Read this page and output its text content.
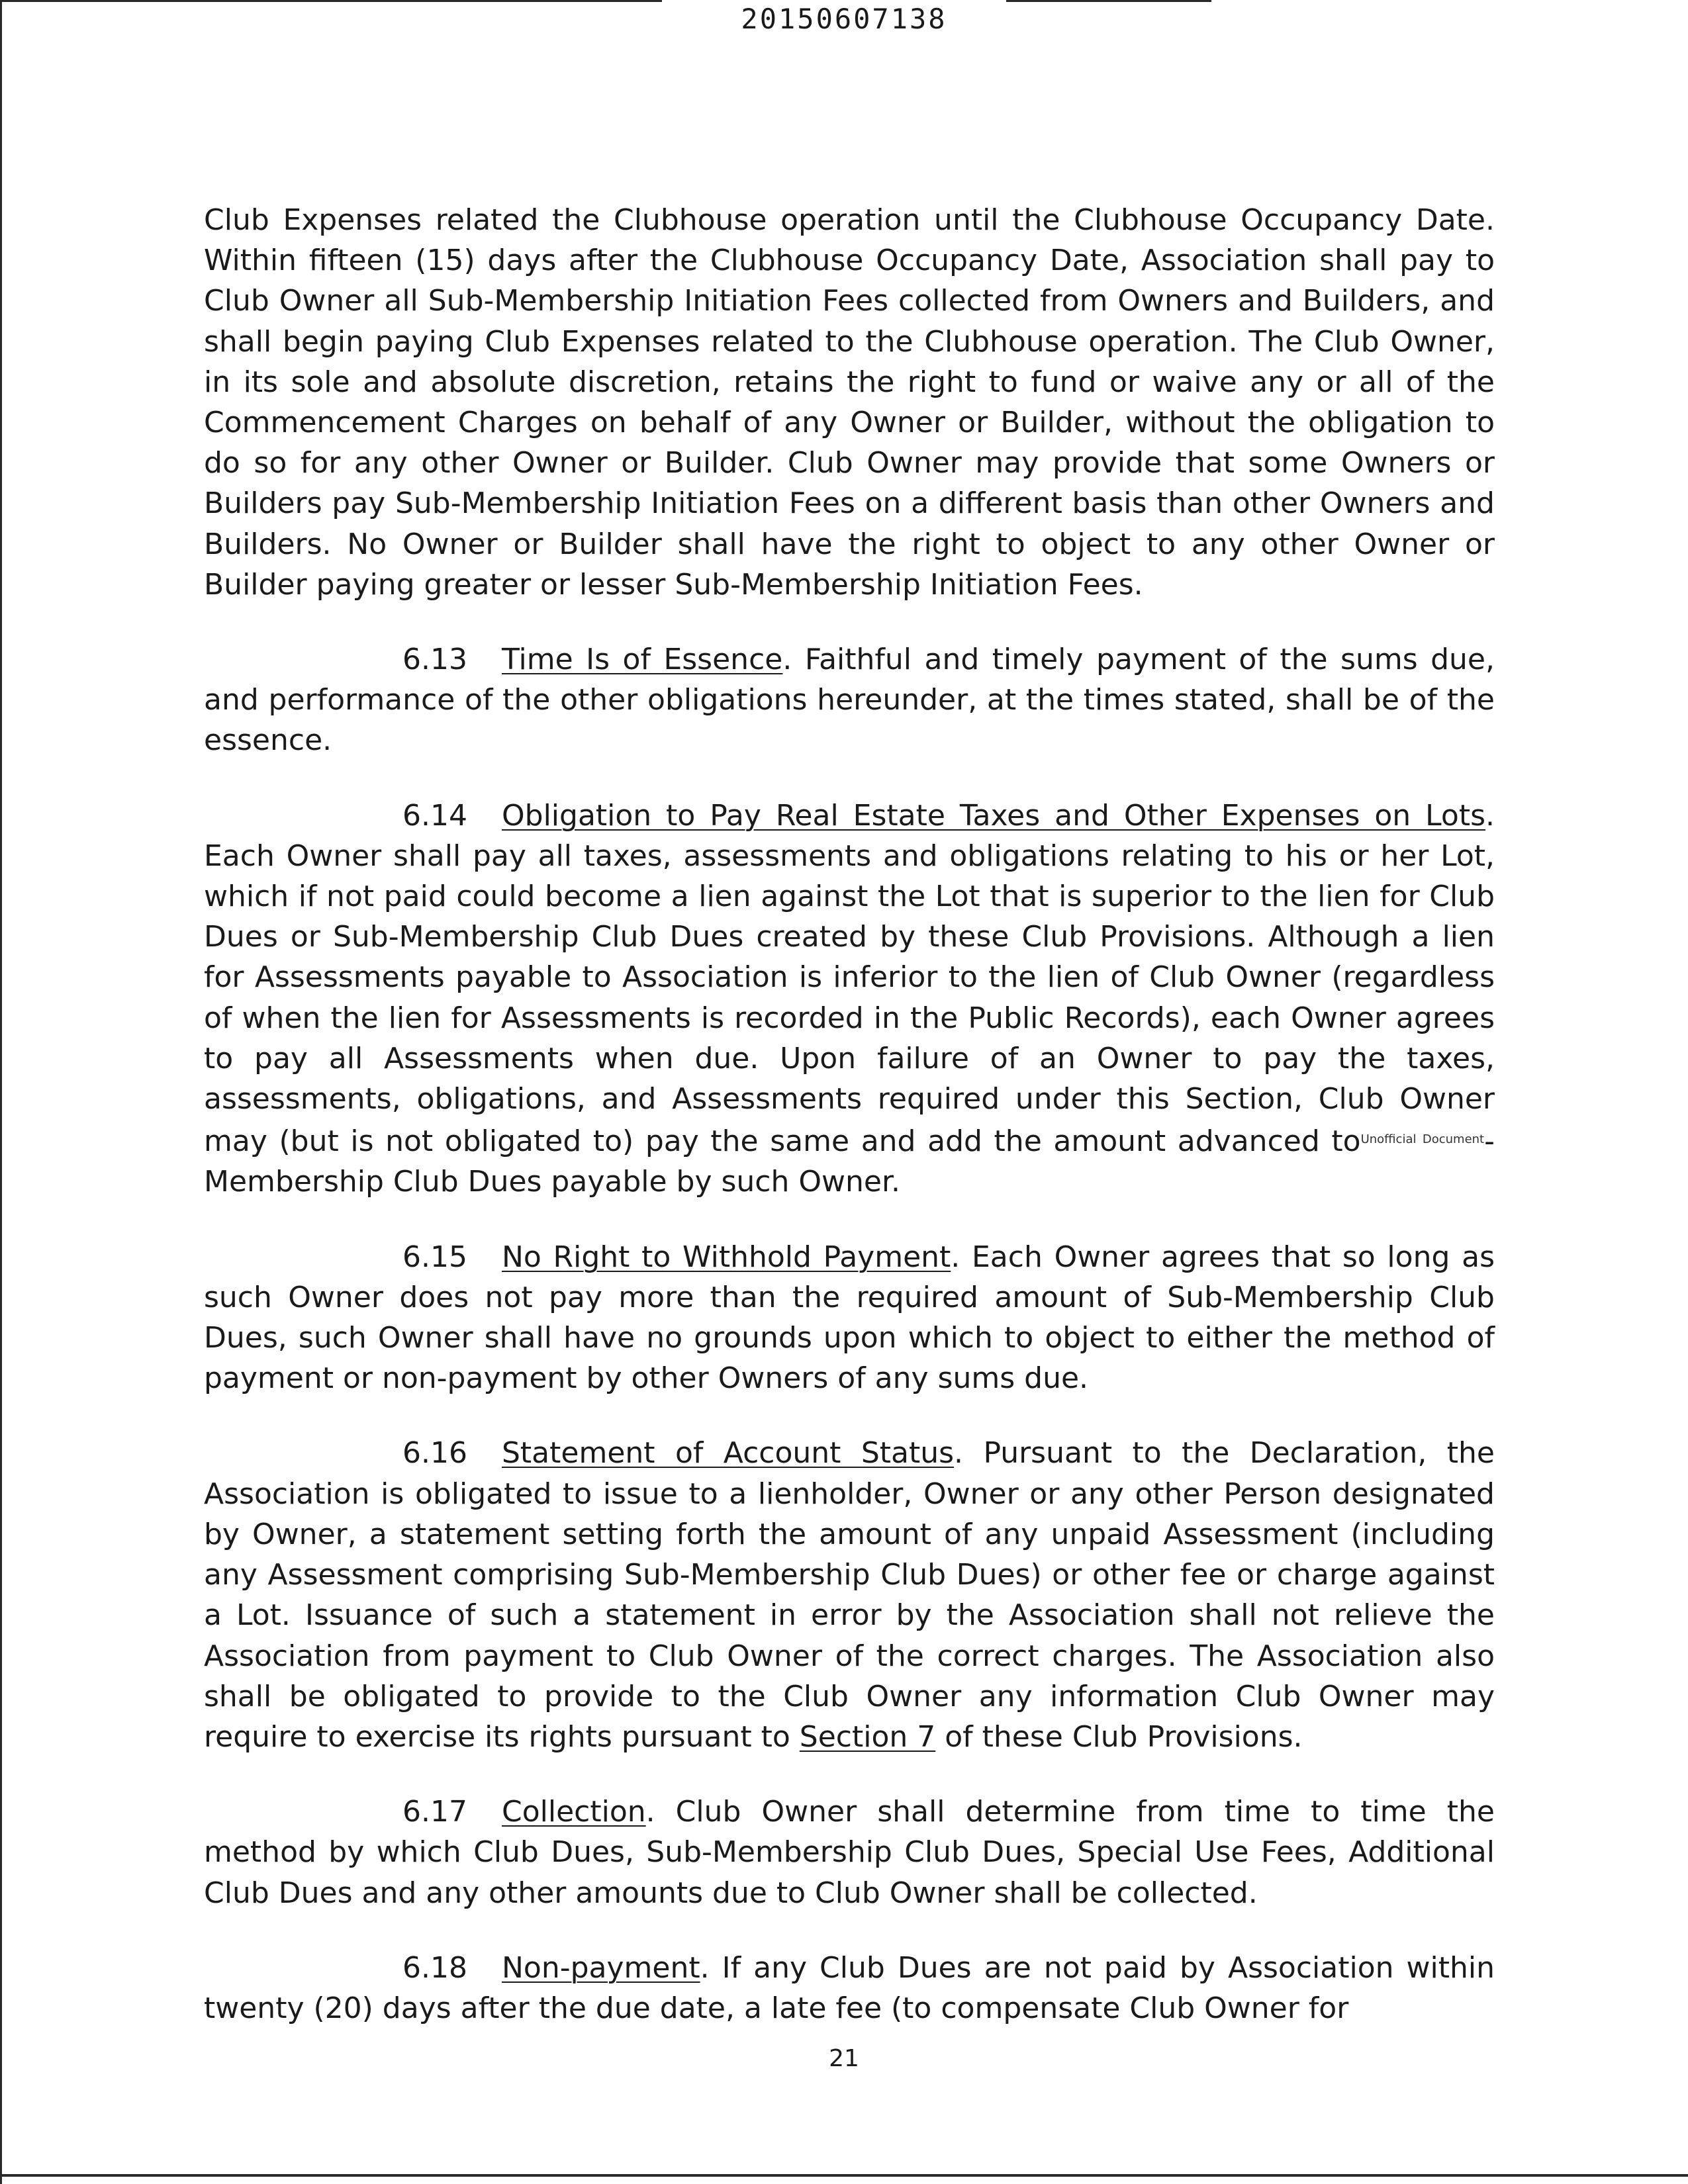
20150607138

Club Expenses related the Clubhouse operation until the Clubhouse Occupancy Date. Within fifteen (15) days after the Clubhouse Occupancy Date, Association shall pay to Club Owner all Sub-Membership Initiation Fees collected from Owners and Builders, and shall begin paying Club Expenses related to the Clubhouse operation. The Club Owner, in its sole and absolute discretion, retains the right to fund or waive any or all of the Commencement Charges on behalf of any Owner or Builder, without the obligation to do so for any other Owner or Builder. Club Owner may provide that some Owners or Builders pay Sub-Membership Initiation Fees on a different basis than other Owners and Builders. No Owner or Builder shall have the right to object to any other Owner or Builder paying greater or lesser Sub-Membership Initiation Fees.

6.13 Time Is of Essence. Faithful and timely payment of the sums due, and performance of the other obligations hereunder, at the times stated, shall be of the essence.

6.14 Obligation to Pay Real Estate Taxes and Other Expenses on Lots. Each Owner shall pay all taxes, assessments and obligations relating to his or her Lot, which if not paid could become a lien against the Lot that is superior to the lien for Club Dues or Sub-Membership Club Dues created by these Club Provisions. Although a lien for Assessments payable to Association is inferior to the lien of Club Owner (regardless of when the lien for Assessments is recorded in the Public Records), each Owner agrees to pay all Assessments when due. Upon failure of an Owner to pay the taxes, assessments, obligations, and Assessments required under this Section, Club Owner may (but is not obligated to) pay the same and add the amount advanced $to^{Unofficial Document}$-Membership Club Dues payable by such Owner.

6.15 No Right to Withhold Payment. Each Owner agrees that so long as such Owner does not pay more than the required amount of Sub-Membership Club Dues, such Owner shall have no grounds upon which to object to either the method of payment or non-payment by other Owners of any sums due.

6.16 Statement of Account Status. Pursuant to the Declaration, the Association is obligated to issue to a lienholder, Owner or any other Person designated by Owner, a statement setting forth the amount of any unpaid Assessment (including any Assessment comprising Sub-Membership Club Dues) or other fee or charge against a Lot. Issuance of such a statement in error by the Association shall not relieve the Association from payment to Club Owner of the correct charges. The Association also shall be obligated to provide to the Club Owner any information Club Owner may require to exercise its rights pursuant to Section 7 of these Club Provisions.

6.17 Collection. Club Owner shall determine from time to time the method by which Club Dues, Sub-Membership Club Dues, Special Use Fees, Additional Club Dues and any other amounts due to Club Owner shall be collected.

6.18 Non-payment. If any Club Dues are not paid by Association within twenty (20) days after the due date, a late fee (to compensate Club Owner for

21
